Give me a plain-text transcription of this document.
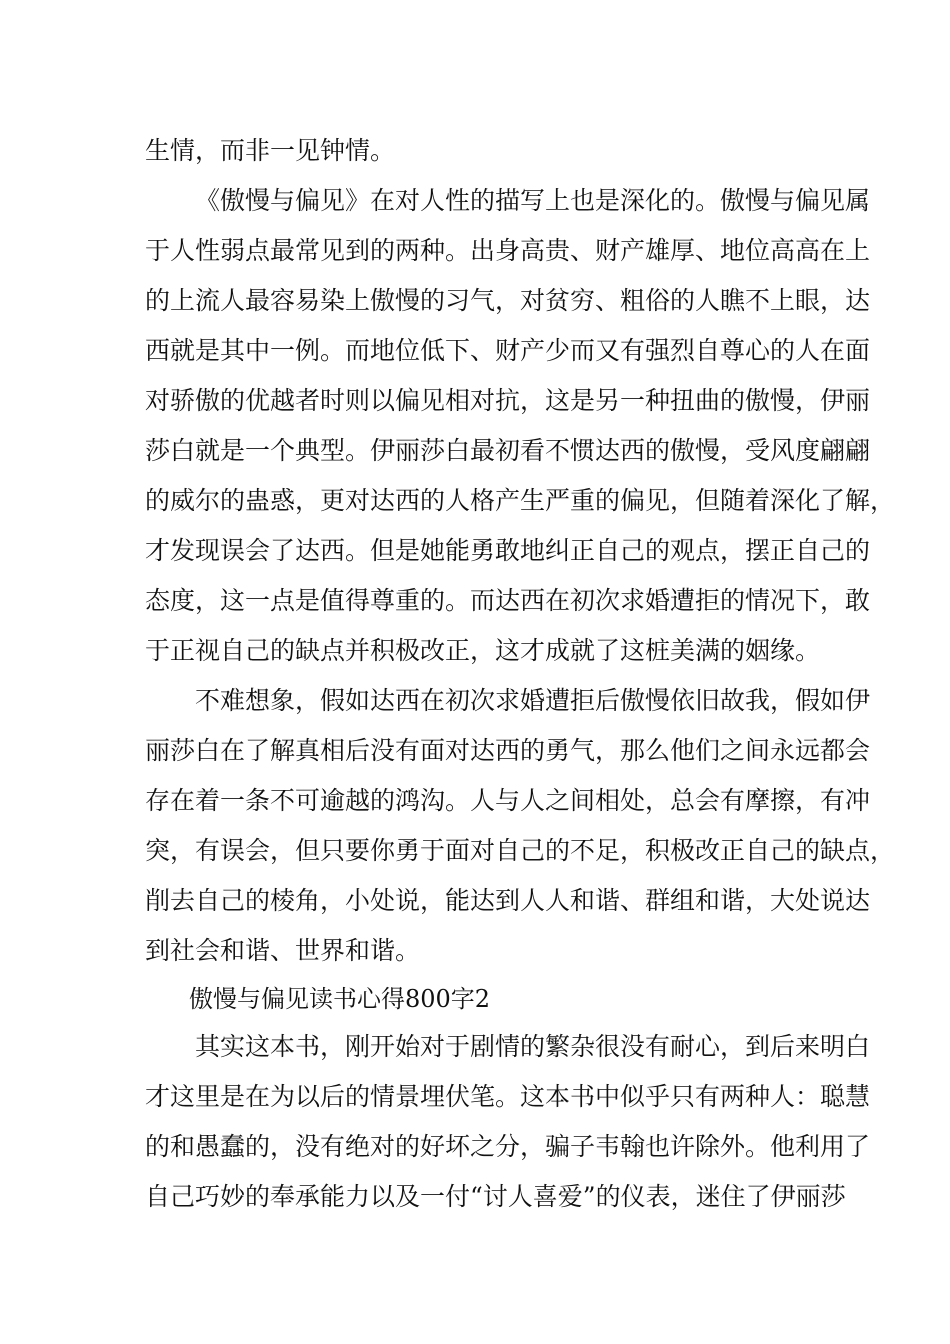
生情，而非一见钟情。
《傲慢与偏见》在对人性的描写上也是深化的。傲慢与偏见属
于人性弱点最常见到的两种。出身高贵、财产雄厚、地位高高在上
的上流人最容易染上傲慢的习气，对贫穷、粗俗的人瞧不上眼，达
西就是其中一例。而地位低下、财产少而又有强烈自尊心的人在面
对骄傲的优越者时则以偏见相对抗，这是另一种扭曲的傲慢，伊丽
莎白就是一个典型。伊丽莎白最初看不惯达西的傲慢，受风度翩翩
的威尔的蛊惑，更对达西的人格产生严重的偏见，但随着深化了解，
才发现误会了达西。但是她能勇敢地纠正自己的观点，摆正自己的
态度，这一点是值得尊重的。而达西在初次求婚遭拒的情况下，敢
于正视自己的缺点并积极改正，这才成就了这桩美满的姻缘。
不难想象，假如达西在初次求婚遭拒后傲慢依旧故我，假如伊
丽莎白在了解真相后没有面对达西的勇气，那么他们之间永远都会
存在着一条不可逾越的鸿沟。人与人之间相处，总会有摩擦，有冲
突，有误会，但只要你勇于面对自己的不足，积极改正自己的缺点，
削去自己的棱角，小处说，能达到人人和谐、群组和谐，大处说达
到社会和谐、世界和谐。
傲慢与偏见读书心得800字2
其实这本书，刚开始对于剧情的繁杂很没有耐心，到后来明白
才这里是在为以后的情景埋伏笔。这本书中似乎只有两种人：聪慧
的和愚蠢的，没有绝对的好坏之分，骗子韦翰也许除外。他利用了
自己巧妙的奉承能力以及一付“讨人喜爱”的仪表，迷住了伊丽莎
